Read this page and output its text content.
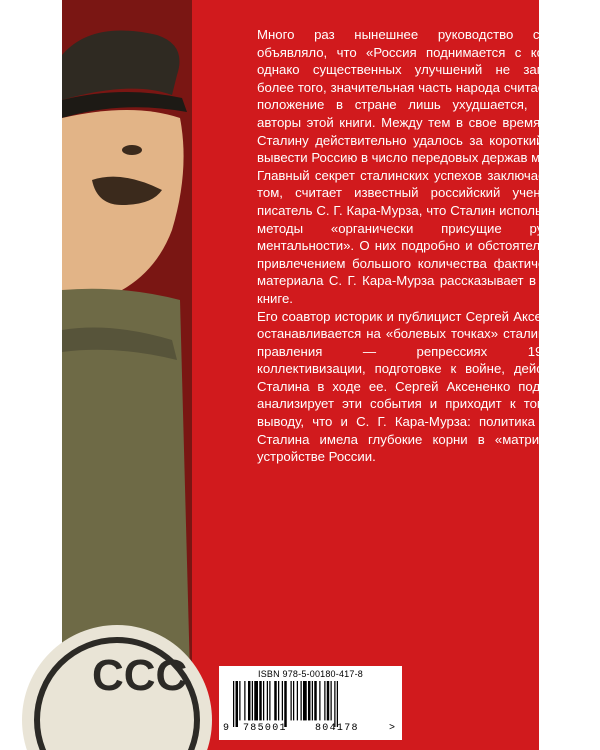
CCC

Много раз нынешнее руководство страны объявляло, что «Россия поднимается с колен», однако существенных улучшений не заметно, более того, значительная часть народа считает, что положение в стране лишь ухудшается, пишут авторы этой книги. Между тем в свое время И. В. Сталину действительно удалось за короткий срок вывести Россию в число передовых держав мира.

Главный секрет сталинских успехов заключается в том, считает известный российский ученый и писатель С. Г. Кара-Мурза, что Сталин использовал методы «органически присущие русской ментальности». О них подробно и обстоятельно, с привлечением большого количества фактического материала С. Г. Кара-Мурза рассказывает в своей книге.

Его соавтор историк и публицист Сергей Аксененко останавливается на «болевых точках» сталинского правления — репрессиях 1937-го, коллективизации, подготовке к войне, действиях Сталина в ходе ее. Сергей Аксененко подробно анализирует эти события и приходит к тому же выводу, что и С. Г. Кара-Мурза: политика И. В. Сталина имела глубокие корни в «матричном» устройстве России.

ISBN 978-5-00180-417-8
9 785001	804178	>
